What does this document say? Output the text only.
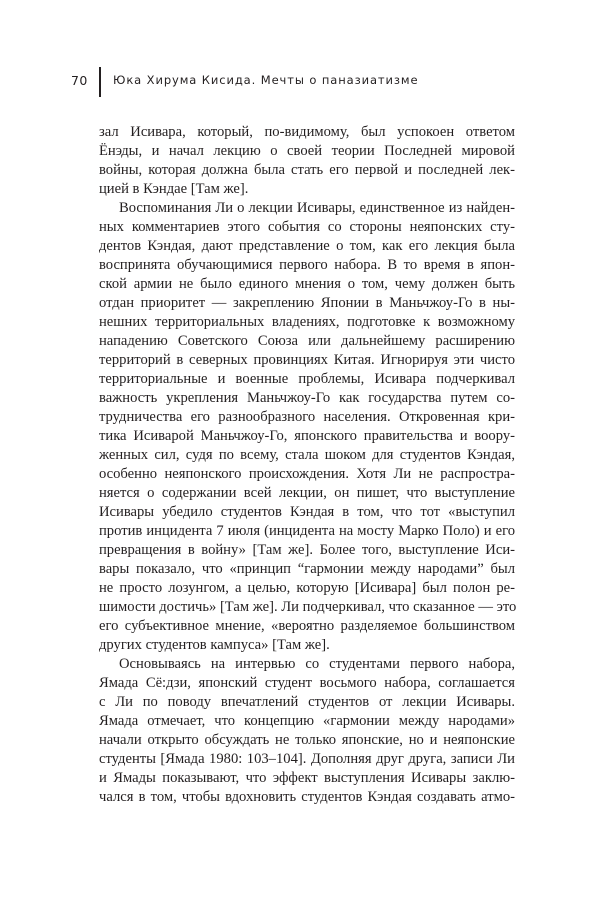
70 Юка Хирума Кисида. Мечты о паназиатизме
зал Исивара, который, по-видимому, был успокоен ответом
Ёнэды, и начал лекцию о своей теории Последней мировой
войны, которая должна была стать его первой и последней лек-
цией в Кэндае [Там же].
Воспоминания Ли о лекции Исивары, единственное из найден-
ных комментариев этого события со стороны неяпонских сту-
дентов Кэндая, дают представление о том, как его лекция была
воспринята обучающимися первого набора. В то время в япон-
ской армии не было единого мнения о том, чему должен быть
отдан приоритет — закреплению Японии в Маньчжоу-Го в ны-
нешних территориальных владениях, подготовке к возможному
нападению Советского Союза или дальнейшему расширению
территорий в северных провинциях Китая. Игнорируя эти чисто
территориальные и военные проблемы, Исивара подчеркивал
важность укрепления Маньчжоу-Го как государства путем со-
трудничества его разнообразного населения. Откровенная кри-
тика Исиварой Маньчжоу-Го, японского правительства и воору-
женных сил, судя по всему, стала шоком для студентов Кэндая,
особенно неяпонского происхождения. Хотя Ли не распростра-
няется о содержании всей лекции, он пишет, что выступление
Исивары убедило студентов Кэндая в том, что тот «выступил
против инцидента 7 июля (инцидента на мосту Марко Поло) и его
превращения в войну» [Там же]. Более того, выступление Иси-
вары показало, что «принцип “гармонии между народами” был
не просто лозунгом, а целью, которую [Исивара] был полон ре-
шимости достичь» [Там же]. Ли подчеркивал, что сказанное — это
его субъективное мнение, «вероятно разделяемое большинством
других студентов кампуса» [Там же].
Основываясь на интервью со студентами первого набора,
Ямада Сё:дзи, японский студент восьмого набора, соглашается
с Ли по поводу впечатлений студентов от лекции Исивары.
Ямада отмечает, что концепцию «гармонии между народами»
начали открыто обсуждать не только японские, но и неяпонские
студенты [Ямада 1980: 103–104]. Дополняя друг друга, записи Ли
и Ямады показывают, что эффект выступления Исивары заклю-
чался в том, чтобы вдохновить студентов Кэндая создавать атмо-
